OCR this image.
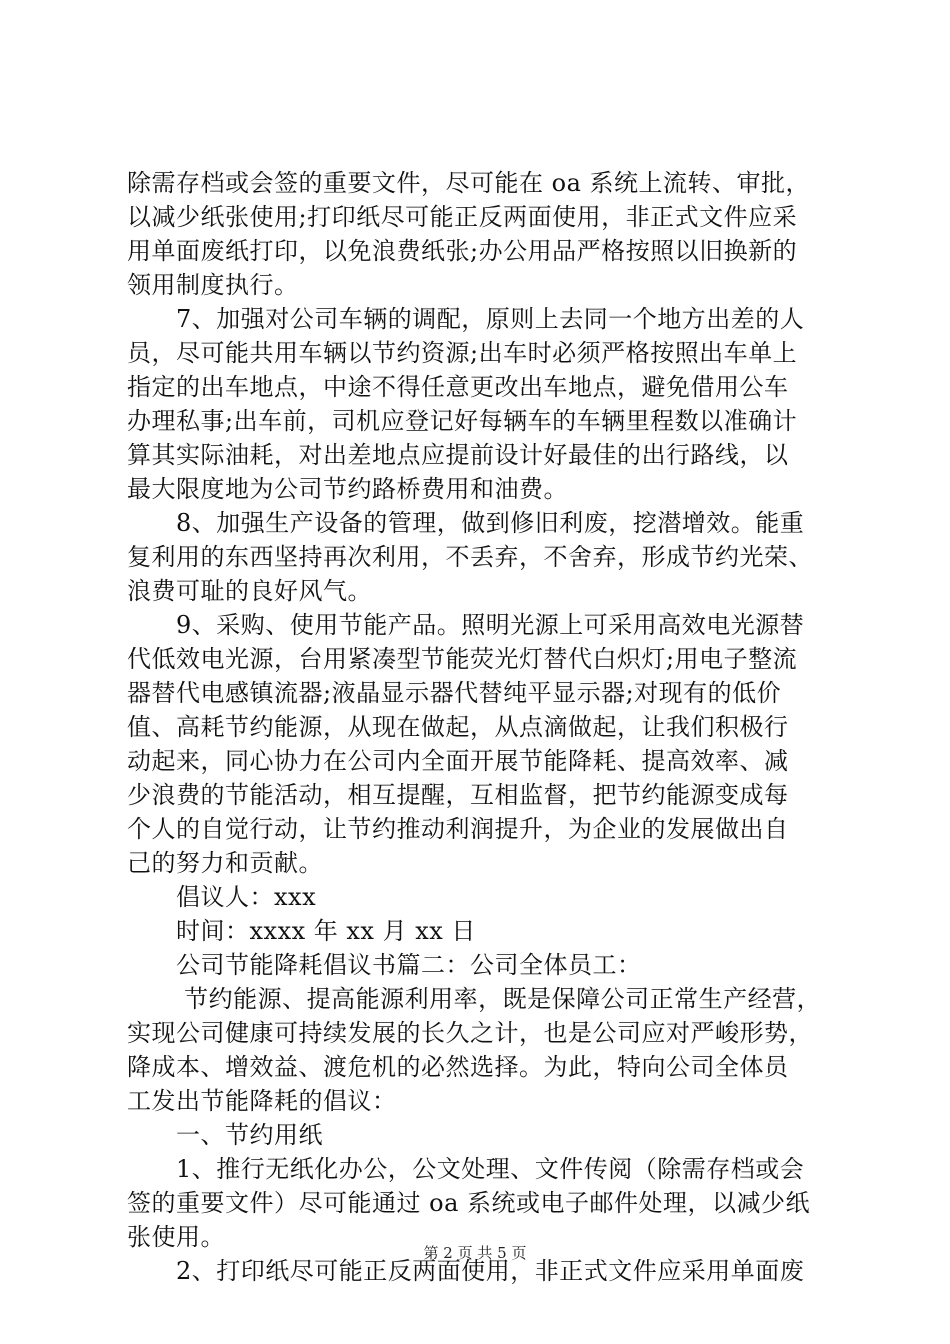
除需存档或会签的重要文件，尽可能在 oa 系统上流转、审批，
以减少纸张使用;打印纸尽可能正反两面使用，非正式文件应采
用单面废纸打印，以免浪费纸张;办公用品严格按照以旧换新的
领用制度执行。
　　7、加强对公司车辆的调配，原则上去同一个地方出差的人
员，尽可能共用车辆以节约资源;出车时必须严格按照出车单上
指定的出车地点，中途不得任意更改出车地点，避免借用公车
办理私事;出车前，司机应登记好每辆车的车辆里程数以准确计
算其实际油耗，对出差地点应提前设计好最佳的出行路线，以
最大限度地为公司节约路桥费用和油费。
　　8、加强生产设备的管理，做到修旧利废，挖潜增效。能重
复利用的东西坚持再次利用，不丢弃，不舍弃，形成节约光荣、
浪费可耻的良好风气。
　　9、采购、使用节能产品。照明光源上可采用高效电光源替
代低效电光源，台用紧凑型节能荧光灯替代白炽灯;用电子整流
器替代电感镇流器;液晶显示器代替纯平显示器;对现有的低价
值、高耗节约能源，从现在做起，从点滴做起，让我们积极行
动起来，同心协力在公司内全面开展节能降耗、提高效率、减
少浪费的节能活动，相互提醒，互相监督，把节约能源变成每
个人的自觉行动，让节约推动利润提升，为企业的发展做出自
己的努力和贡献。
　　倡议人：xxx
　　时间：xxxx 年 xx 月 xx 日
　　公司节能降耗倡议书篇二：公司全体员工：
　　 节约能源、提高能源利用率，既是保障公司正常生产经营，
实现公司健康可持续发展的长久之计，也是公司应对严峻形势，
降成本、增效益、渡危机的必然选择。为此，特向公司全体员
工发出节能降耗的倡议：
　　一、节约用纸
　　1、推行无纸化办公，公文处理、文件传阅（除需存档或会
签的重要文件）尽可能通过 oa 系统或电子邮件处理，以减少纸
张使用。
　　2、打印纸尽可能正反两面使用，非正式文件应采用单面废
第 2 页 共 5 页
